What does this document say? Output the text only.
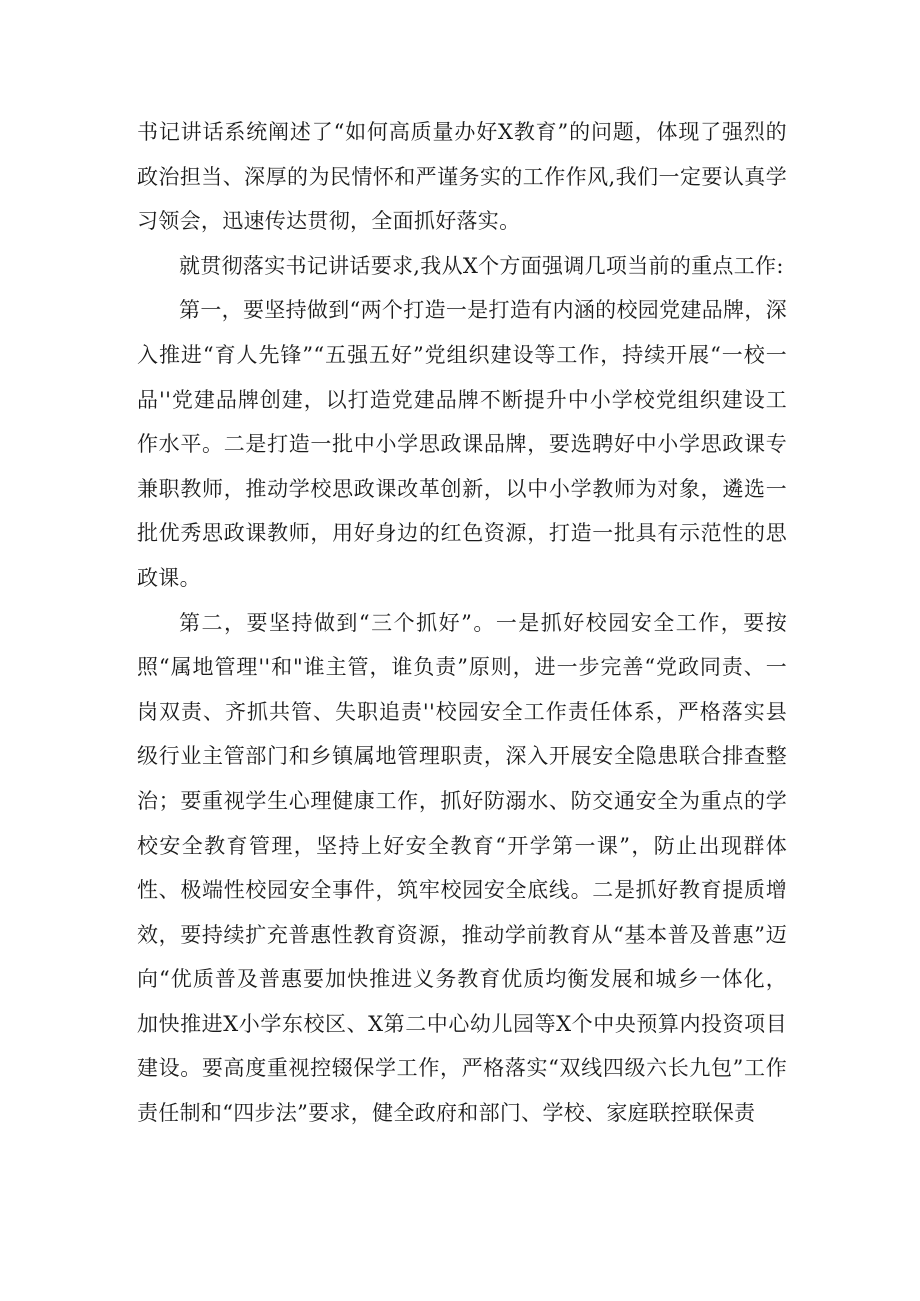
书记讲话系统阐述了“如何高质量办好X教育”的问题，体现了强烈的政治担当、深厚的为民情怀和严谨务实的工作作风,我们一定要认真学习领会，迅速传达贯彻，全面抓好落实。

就贯彻落实书记讲话要求,我从X个方面强调几项当前的重点工作:

第一，要坚持做到“两个打造一是打造有内涵的校园党建品牌，深入推进“育人先锋”“五强五好”党组织建设等工作，持续开展“一校一品''党建品牌创建，以打造党建品牌不断提升中小学校党组织建设工作水平。二是打造一批中小学思政课品牌，要选聘好中小学思政课专兼职教师，推动学校思政课改革创新，以中小学教师为对象，遴选一批优秀思政课教师，用好身边的红色资源，打造一批具有示范性的思政课。

第二，要坚持做到“三个抓好”。一是抓好校园安全工作，要按照“属地管理''和"谁主管，谁负责”原则，进一步完善“党政同责、一岗双责、齐抓共管、失职追责''校园安全工作责任体系，严格落实县级行业主管部门和乡镇属地管理职责，深入开展安全隐患联合排查整治；要重视学生心理健康工作，抓好防溺水、防交通安全为重点的学校安全教育管理，坚持上好安全教育“开学第一课”，防止出现群体性、极端性校园安全事件，筑牢校园安全底线。二是抓好教育提质增效，要持续扩充普惠性教育资源，推动学前教育从“基本普及普惠”迈向“优质普及普惠要加快推进义务教育优质均衡发展和城乡一体化，加快推进X小学东校区、X第二中心幼儿园等X个中央预算内投资项目建设。要高度重视控辍保学工作，严格落实“双线四级六长九包”工作责任制和“四步法”要求，健全政府和部门、学校、家庭联控联保责
